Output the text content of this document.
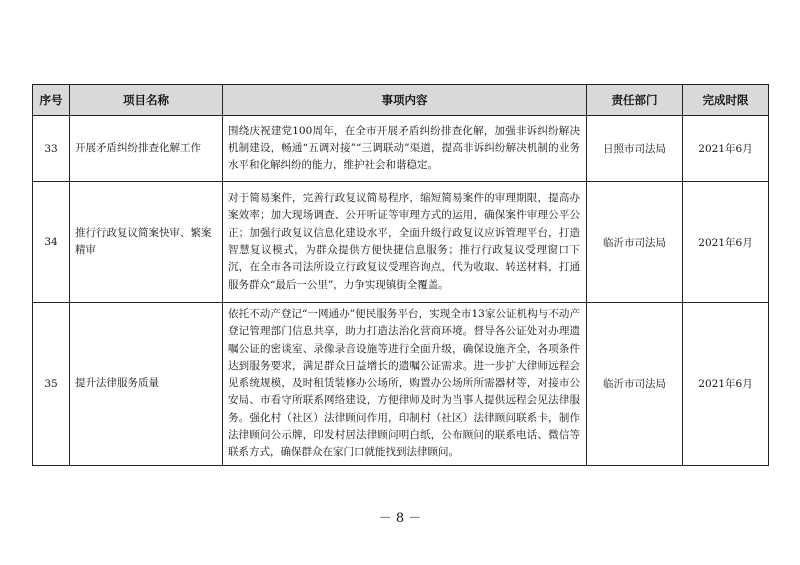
序号	项目名称	事项内容	责任部门	完成时限
33	开展矛盾纠纷排查化解工作	围绕庆祝建党100周年，在全市开展矛盾纠纷排查化解，加强非诉纠纷解决机制建设，畅通“五调对接”“三调联动”渠道，提高非诉纠纷解决机制的业务水平和化解纠纷的能力，维护社会和谐稳定。	日照市司法局	2021年6月
34	推行行政复议简案快审、繁案精审	对于简易案件，完善行政复议简易程序，缩短简易案件的审理期限，提高办案效率；加大现场调查、公开听证等审理方式的运用，确保案件审理公平公正；加强行政复议信息化建设水平，全面升级行政复议应诉管理平台，打造智慧复议模式，为群众提供方便快捷信息服务；推行行政复议受理窗口下沉，在全市各司法所设立行政复议受理咨询点，代为收取、转送材料，打通服务群众“最后一公里”，力争实现镇街全覆盖。	临沂市司法局	2021年6月
35	提升法律服务质量	依托不动产登记“一网通办”便民服务平台，实现全市13家公证机构与不动产登记管理部门信息共享，助力打造法治化营商环境。督导各公证处对办理遗嘱公证的密谈室、录像录音设施等进行全面升级，确保设施齐全，各项条件达到服务要求，满足群众日益增长的遗嘱公证需求。进一步扩大律师远程会见系统规模，及时租赁装修办公场所，购置办公场所所需器材等，对接市公安局、市看守所联系网络建设，方便律师及时为当事人提供远程会见法律服务。强化村（社区）法律顾问作用，印制村（社区）法律顾问联系卡，制作法律顾问公示牌，印发村居法律顾问明白纸，公布顾问的联系电话、微信等联系方式，确保群众在家门口就能找到法律顾问。	临沂市司法局	2021年6月
－ 8 －
